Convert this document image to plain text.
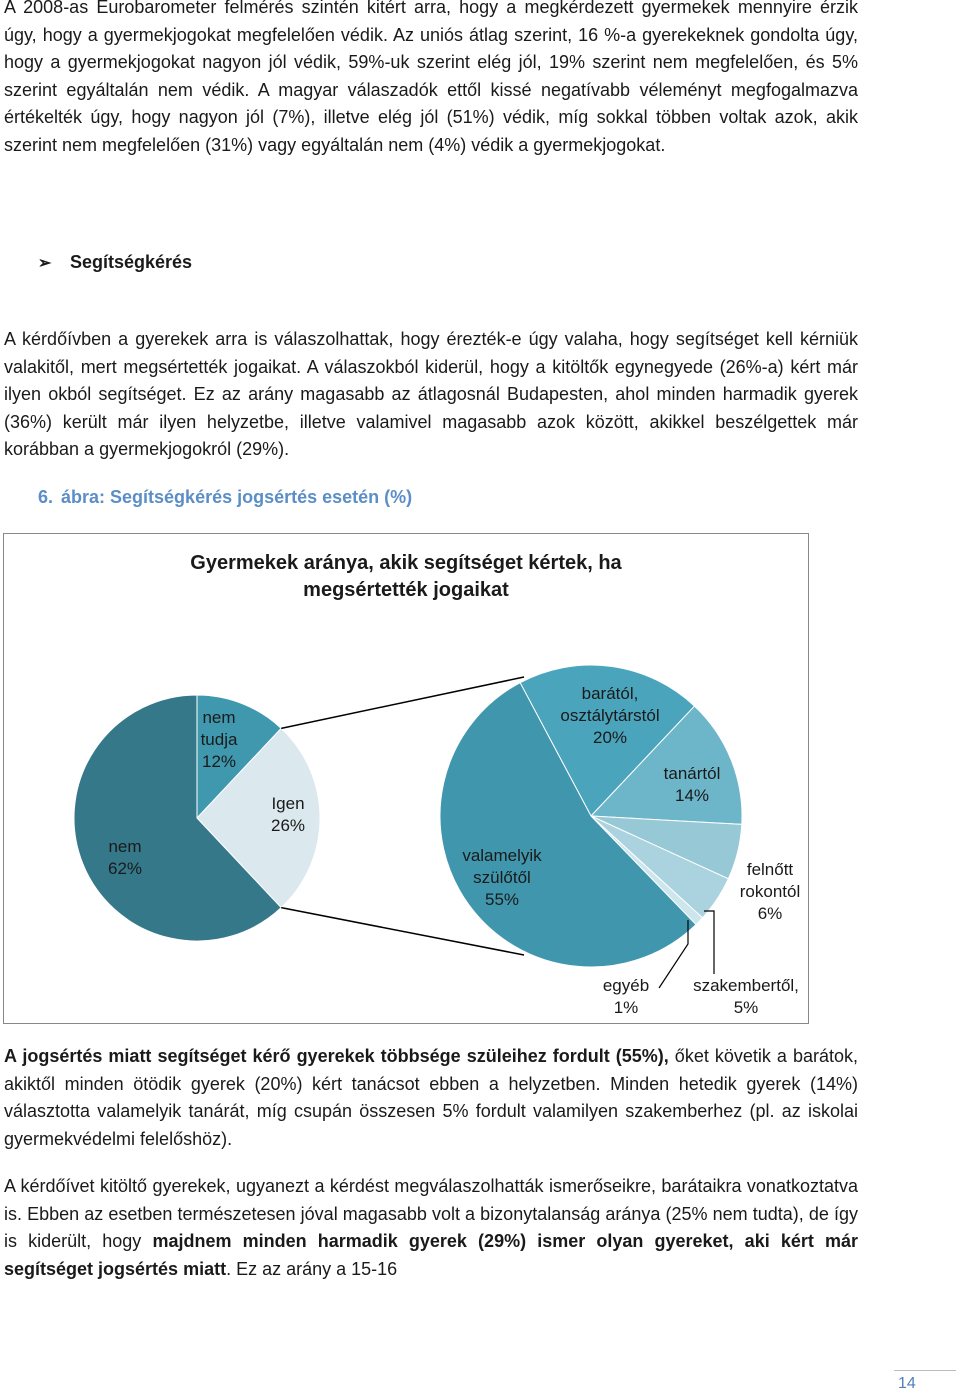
A 2008-as Eurobarometer felmérés szintén kitért arra, hogy a megkérdezett gyermekek mennyire érzik úgy, hogy a gyermekjogokat megfelelően védik. Az uniós átlag szerint, 16 %-a gyerekeknek gondolta úgy, hogy a gyermekjogokat nagyon jól védik, 59%-uk szerint elég jól, 19% szerint nem megfelelően, és 5% szerint egyáltalán nem védik. A magyar válaszadók ettől kissé negatívabb véleményt megfogalmazva értékelték úgy, hogy nagyon jól (7%), illetve elég jól (51%) védik, míg sokkal többen voltak azok, akik szerint nem megfelelően (31%) vagy egyáltalán nem (4%) védik a gyermekjogokat.

➢	Segítségkérés

A kérdőívben a gyerekek arra is válaszolhattak, hogy érezték-e úgy valaha, hogy segítséget kell kérniük valakitől, mert megsértették jogaikat. A válaszokból kiderül, hogy a kitöltők egynegyede (26%-a) kért már ilyen okból segítséget. Ez az arány magasabb az átlagosnál Budapesten, ahol minden harmadik gyerek (36%) került már ilyen helyzetbe, illetve valamivel magasabb azok között, akikkel beszélgettek már korábban a gyermekjogokról (29%).

6. ábra: Segítségkérés jogsértés esetén (%)
Gyermekek aránya, akik segítséget kértek, ha megsértették jogaikat
nem 62%
nem tudja 12%
Igen 26%
barától, osztálytárstól 20%
tanártól 14%
felnőtt rokontól 6%
szakembertől, 5%
egyéb 1%
valamelyik szülőtől 55%

A jogsértés miatt segítséget kérő gyerekek többsége szüleihez fordult (55%), őket követik a barátok, akiktől minden ötödik gyerek (20%) kért tanácsot ebben a helyzetben. Minden hetedik gyerek (14%) választotta valamelyik tanárát, míg csupán összesen 5% fordult valamilyen szakemberhez (pl. az iskolai gyermekvédelmi felelőshöz).

A kérdőívet kitöltő gyerekek, ugyanezt a kérdést megválaszolhatták ismerőseikre, barátaikra vonatkoztatva is. Ebben az esetben természetesen jóval magasabb volt a bizonytalanság aránya (25% nem tudta), de így is kiderült, hogy majdnem minden harmadik gyerek (29%) ismer olyan gyereket, aki kért már segítséget jogsértés miatt. Ez az arány a 15-16

14
